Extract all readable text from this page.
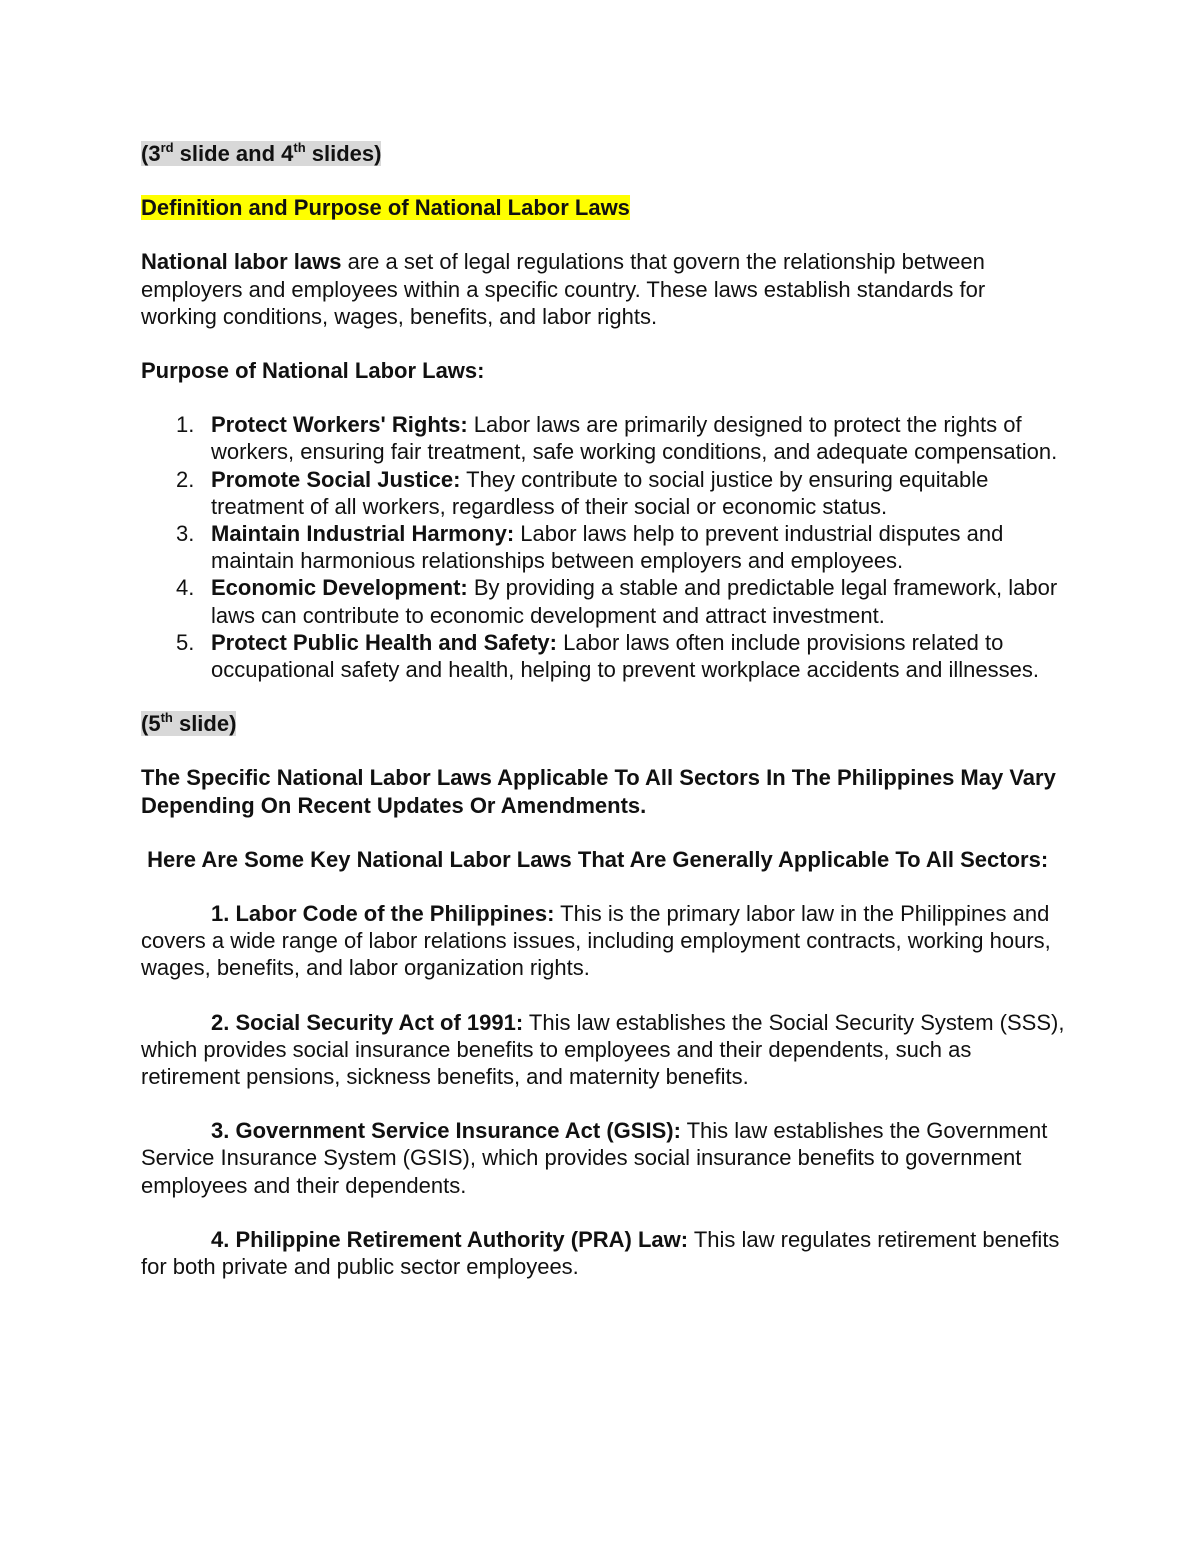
(3rd slide and 4th slides)

Definition and Purpose of National Labor Laws

National labor laws are a set of legal regulations that govern the relationship between employers and employees within a specific country. These laws establish standards for working conditions, wages, benefits, and labor rights.

Purpose of National Labor Laws:

1. Protect Workers' Rights: Labor laws are primarily designed to protect the rights of workers, ensuring fair treatment, safe working conditions, and adequate compensation.
2. Promote Social Justice: They contribute to social justice by ensuring equitable treatment of all workers, regardless of their social or economic status.
3. Maintain Industrial Harmony: Labor laws help to prevent industrial disputes and maintain harmonious relationships between employers and employees.
4. Economic Development: By providing a stable and predictable legal framework, labor laws can contribute to economic development and attract investment.
5. Protect Public Health and Safety: Labor laws often include provisions related to occupational safety and health, helping to prevent workplace accidents and illnesses.

(5th slide)

The Specific National Labor Laws Applicable To All Sectors In The Philippines May Vary Depending On Recent Updates Or Amendments.

Here Are Some Key National Labor Laws That Are Generally Applicable To All Sectors:

1. Labor Code of the Philippines: This is the primary labor law in the Philippines and covers a wide range of labor relations issues, including employment contracts, working hours, wages, benefits, and labor organization rights.

2. Social Security Act of 1991: This law establishes the Social Security System (SSS), which provides social insurance benefits to employees and their dependents, such as retirement pensions, sickness benefits, and maternity benefits.

3. Government Service Insurance Act (GSIS): This law establishes the Government Service Insurance System (GSIS), which provides social insurance benefits to government employees and their dependents.

4. Philippine Retirement Authority (PRA) Law: This law regulates retirement benefits for both private and public sector employees.
